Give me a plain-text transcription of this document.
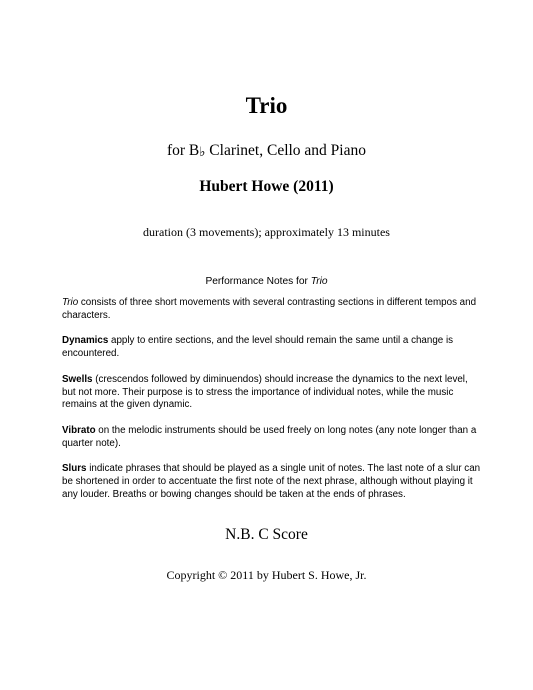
Trio
for B♭ Clarinet, Cello and Piano
Hubert Howe (2011)
duration (3 movements); approximately 13 minutes
Performance Notes for Trio

Trio consists of three short movements with several contrasting sections in different tempos and characters.

Dynamics apply to entire sections, and the level should remain the same until a change is encountered.

Swells (crescendos followed by diminuendos) should increase the dynamics to the next level, but not more. Their purpose is to stress the importance of individual notes, while the music remains at the given dynamic.

Vibrato on the melodic instruments should be used freely on long notes (any note longer than a quarter note).

Slurs indicate phrases that should be played as a single unit of notes. The last note of a slur can be shortened in order to accentuate the first note of the next phrase, although without playing it any louder. Breaths or bowing changes should be taken at the ends of phrases.

N.B. C Score
Copyright © 2011 by Hubert S. Howe, Jr.
